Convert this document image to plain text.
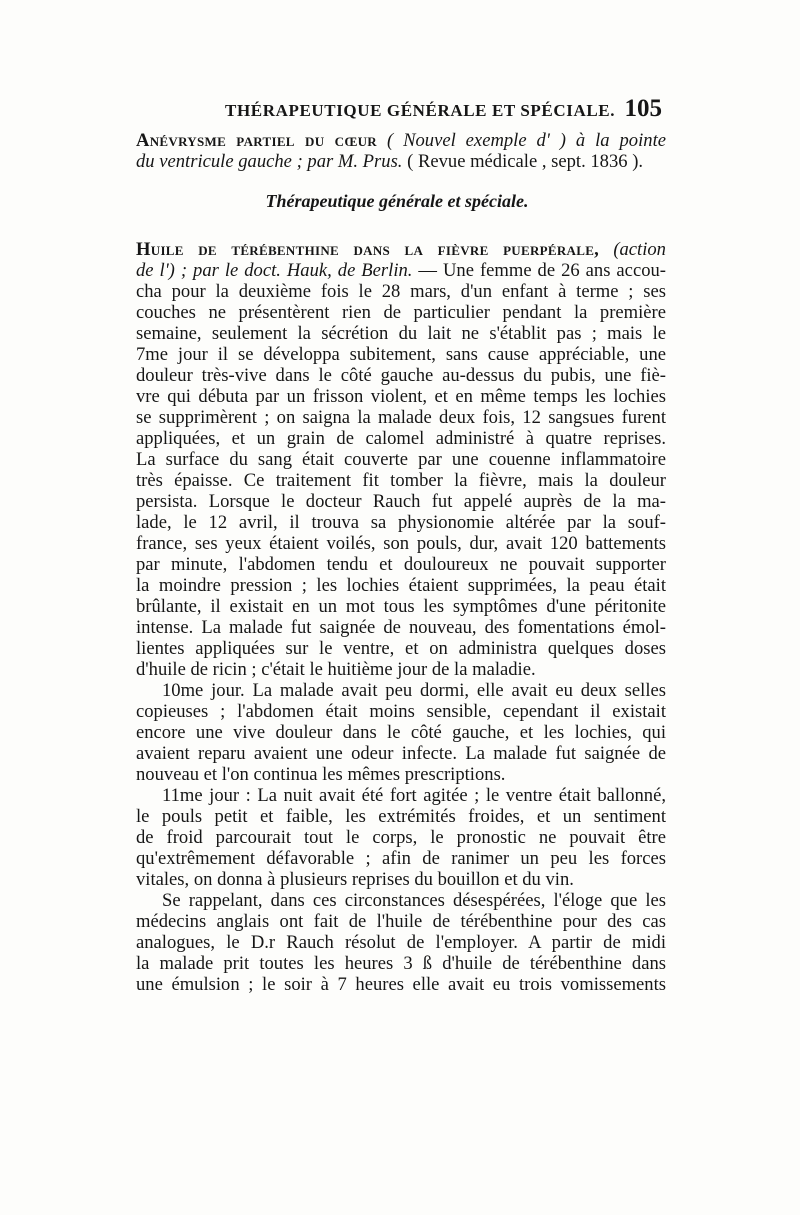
THÉRAPEUTIQUE GÉNÉRALE ET SPÉCIALE. 105
Anévrysme partiel du cœur ( Nouvel exemple d' ) à la pointe
du ventricule gauche ; par M. Prus. ( Revue médicale , sept. 1836 ).
Thérapeutique générale et spéciale.
Huile de térébenthine dans la fièvre puerpérale, (action
de l') ; par le doct. Hauk, de Berlin. — Une femme de 26 ans accou-
cha pour la deuxième fois le 28 mars, d'un enfant à terme ; ses
couches ne présentèrent rien de particulier pendant la première
semaine, seulement la sécrétion du lait ne s'établit pas ; mais le
7me jour il se développa subitement, sans cause appréciable, une
douleur très-vive dans le côté gauche au-dessus du pubis, une fiè-
vre qui débuta par un frisson violent, et en même temps les lochies
se supprimèrent ; on saigna la malade deux fois, 12 sangsues furent
appliquées, et un grain de calomel administré à quatre reprises.
La surface du sang était couverte par une couenne inflammatoire
très épaisse. Ce traitement fit tomber la fièvre, mais la douleur
persista. Lorsque le docteur Rauch fut appelé auprès de la ma-
lade, le 12 avril, il trouva sa physionomie altérée par la souf-
france, ses yeux étaient voilés, son pouls, dur, avait 120 battements
par minute, l'abdomen tendu et douloureux ne pouvait supporter
la moindre pression ; les lochies étaient supprimées, la peau était
brûlante, il existait en un mot tous les symptômes d'une péritonite
intense. La malade fut saignée de nouveau, des fomentations émol-
lientes appliquées sur le ventre, et on administra quelques doses
d'huile de ricin ; c'était le huitième jour de la maladie.
10me jour. La malade avait peu dormi, elle avait eu deux selles
copieuses ; l'abdomen était moins sensible, cependant il existait
encore une vive douleur dans le côté gauche, et les lochies, qui
avaient reparu avaient une odeur infecte. La malade fut saignée de
nouveau et l'on continua les mêmes prescriptions.
11me jour : La nuit avait été fort agitée ; le ventre était ballonné,
le pouls petit et faible, les extrémités froides, et un sentiment
de froid parcourait tout le corps, le pronostic ne pouvait être
qu'extrêmement défavorable ; afin de ranimer un peu les forces
vitales, on donna à plusieurs reprises du bouillon et du vin.
Se rappelant, dans ces circonstances désespérées, l'éloge que les
médecins anglais ont fait de l'huile de térébenthine pour des cas
analogues, le D.r Rauch résolut de l'employer. A partir de midi
la malade prit toutes les heures 3 ß d'huile de térébenthine dans
une émulsion ; le soir à 7 heures elle avait eu trois vomissements
